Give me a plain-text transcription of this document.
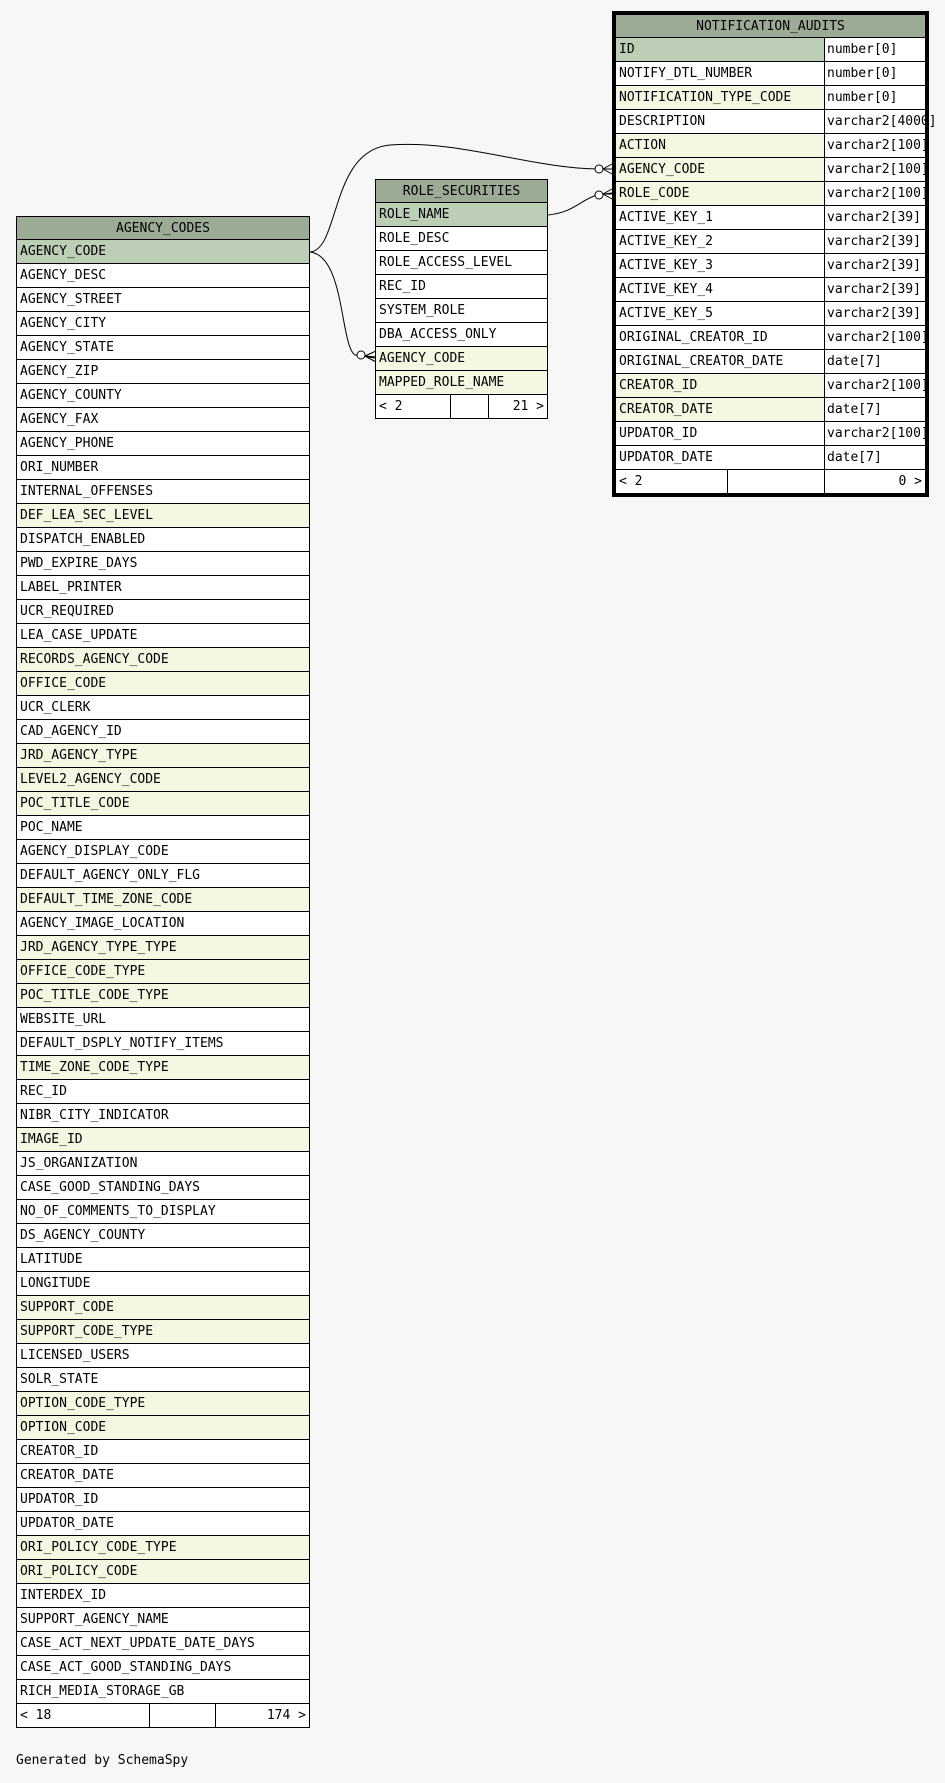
AGENCY_CODES
AGENCY_CODE
AGENCY_DESC
AGENCY_STREET
AGENCY_CITY
AGENCY_STATE
AGENCY_ZIP
AGENCY_COUNTY
AGENCY_FAX
AGENCY_PHONE
ORI_NUMBER
INTERNAL_OFFENSES
DEF_LEA_SEC_LEVEL
DISPATCH_ENABLED
PWD_EXPIRE_DAYS
LABEL_PRINTER
UCR_REQUIRED
LEA_CASE_UPDATE
RECORDS_AGENCY_CODE
OFFICE_CODE
UCR_CLERK
CAD_AGENCY_ID
JRD_AGENCY_TYPE
LEVEL2_AGENCY_CODE
POC_TITLE_CODE
POC_NAME
AGENCY_DISPLAY_CODE
DEFAULT_AGENCY_ONLY_FLG
DEFAULT_TIME_ZONE_CODE
AGENCY_IMAGE_LOCATION
JRD_AGENCY_TYPE_TYPE
OFFICE_CODE_TYPE
POC_TITLE_CODE_TYPE
WEBSITE_URL
DEFAULT_DSPLY_NOTIFY_ITEMS
TIME_ZONE_CODE_TYPE
REC_ID
NIBR_CITY_INDICATOR
IMAGE_ID
JS_ORGANIZATION
CASE_GOOD_STANDING_DAYS
NO_OF_COMMENTS_TO_DISPLAY
DS_AGENCY_COUNTY
LATITUDE
LONGITUDE
SUPPORT_CODE
SUPPORT_CODE_TYPE
LICENSED_USERS
SOLR_STATE
OPTION_CODE_TYPE
OPTION_CODE
CREATOR_ID
CREATOR_DATE
UPDATOR_ID
UPDATOR_DATE
ORI_POLICY_CODE_TYPE
ORI_POLICY_CODE
INTERDEX_ID
SUPPORT_AGENCY_NAME
CASE_ACT_NEXT_UPDATE_DATE_DAYS
CASE_ACT_GOOD_STANDING_DAYS
RICH_MEDIA_STORAGE_GB
< 18	174 >
ROLE_SECURITIES
ROLE_NAME
ROLE_DESC
ROLE_ACCESS_LEVEL
REC_ID
SYSTEM_ROLE
DBA_ACCESS_ONLY
AGENCY_CODE
MAPPED_ROLE_NAME
< 2	21 >
NOTIFICATION_AUDITS
ID	number[0]
NOTIFY_DTL_NUMBER	number[0]
NOTIFICATION_TYPE_CODE	number[0]
DESCRIPTION	varchar2[4000]
ACTION	varchar2[100]
AGENCY_CODE	varchar2[100]
ROLE_CODE	varchar2[100]
ACTIVE_KEY_1	varchar2[39]
ACTIVE_KEY_2	varchar2[39]
ACTIVE_KEY_3	varchar2[39]
ACTIVE_KEY_4	varchar2[39]
ACTIVE_KEY_5	varchar2[39]
ORIGINAL_CREATOR_ID	varchar2[100]
ORIGINAL_CREATOR_DATE	date[7]
CREATOR_ID	varchar2[100]
CREATOR_DATE	date[7]
UPDATOR_ID	varchar2[100]
UPDATOR_DATE	date[7]
< 2	0 >
Generated by SchemaSpy
